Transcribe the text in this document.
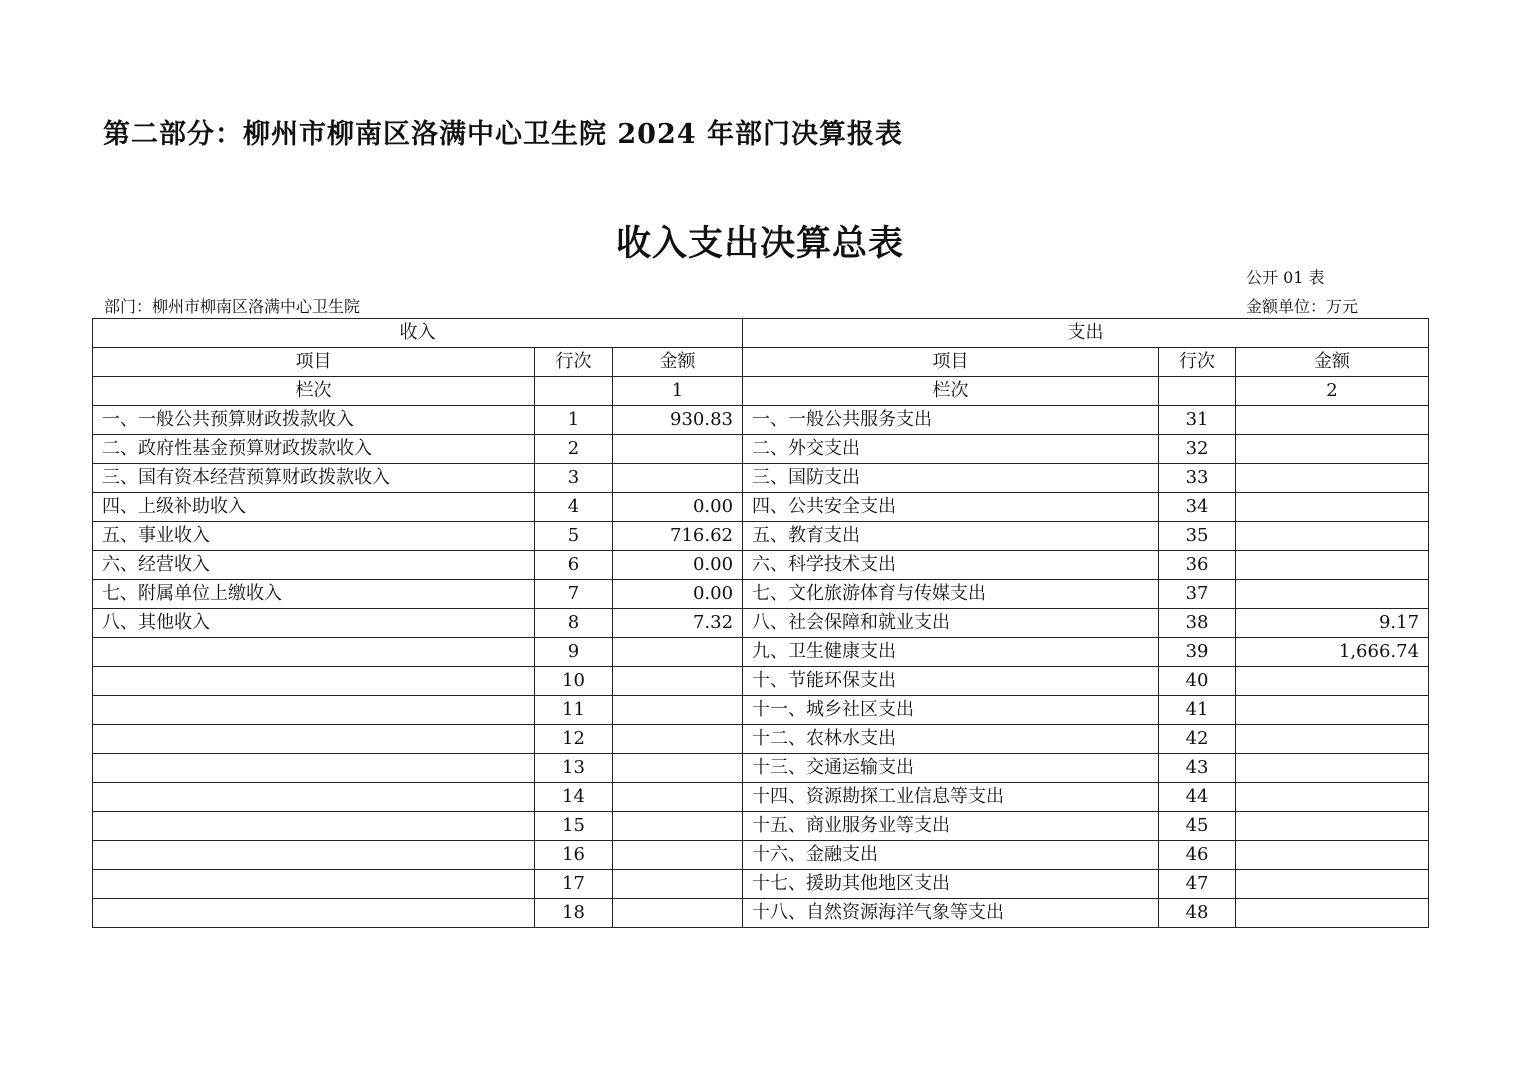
第二部分：柳州市柳南区洛满中心卫生院 2024 年部门决算报表
收入支出决算总表
公开 01 表
部门：柳州市柳南区洛满中心卫生院	金额单位：万元
收入			支出		
项目	行次	金额	项目	行次	金额
栏次		1	栏次		2
一、一般公共预算财政拨款收入	1	930.83	一、一般公共服务支出	31	
二、政府性基金预算财政拨款收入	2		二、外交支出	32	
三、国有资本经营预算财政拨款收入	3		三、国防支出	33	
四、上级补助收入	4	0.00	四、公共安全支出	34	
五、事业收入	5	716.62	五、教育支出	35	
六、经营收入	6	0.00	六、科学技术支出	36	
七、附属单位上缴收入	7	0.00	七、文化旅游体育与传媒支出	37	
八、其他收入	8	7.32	八、社会保障和就业支出	38	9.17
	9		九、卫生健康支出	39	1,666.74
	10		十、节能环保支出	40	
	11		十一、城乡社区支出	41	
	12		十二、农林水支出	42	
	13		十三、交通运输支出	43	
	14		十四、资源勘探工业信息等支出	44	
	15		十五、商业服务业等支出	45	
	16		十六、金融支出	46	
	17		十七、援助其他地区支出	47	
	18		十八、自然资源海洋气象等支出	48	
